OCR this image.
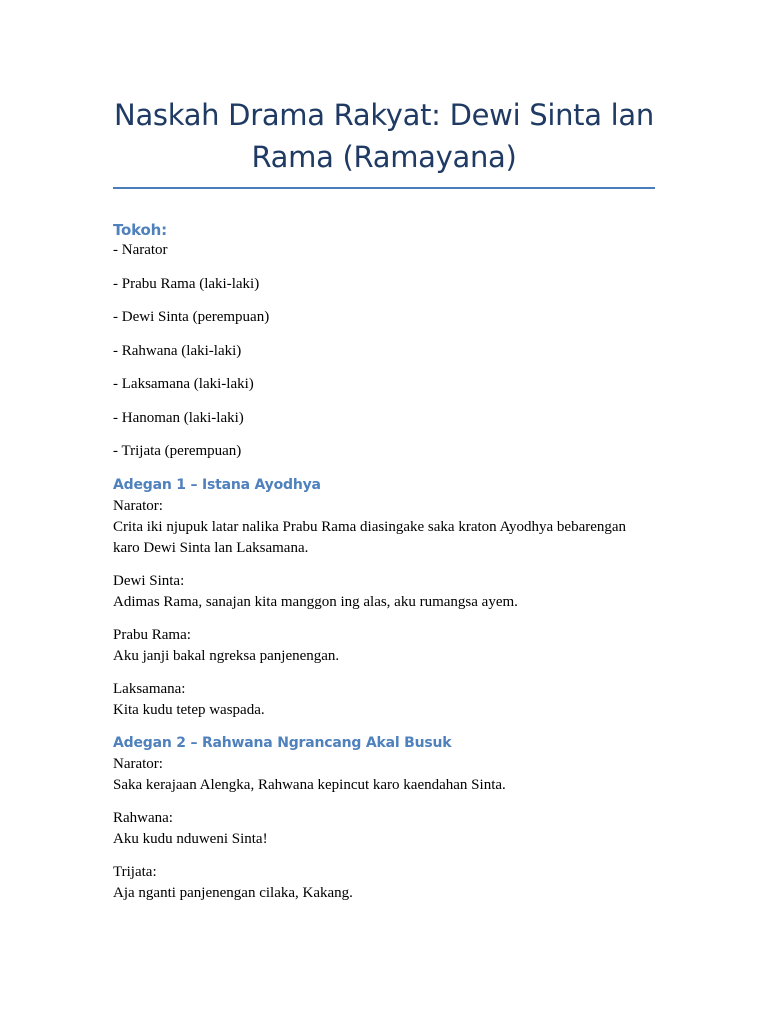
Naskah Drama Rakyat: Dewi Sinta lan Rama (Ramayana)
Tokoh:
- Narator
- Prabu Rama (laki-laki)
- Dewi Sinta (perempuan)
- Rahwana (laki-laki)
- Laksamana (laki-laki)
- Hanoman (laki-laki)
- Trijata (perempuan)
Adegan 1 – Istana Ayodhya

Narator:

Crita iki njupuk latar nalika Prabu Rama diasingake saka kraton Ayodhya bebarengan karo Dewi Sinta lan Laksamana.

Dewi Sinta:

Adimas Rama, sanajan kita manggon ing alas, aku rumangsa ayem.

Prabu Rama:

Aku janji bakal ngreksa panjenengan.

Laksamana:

Kita kudu tetep waspada.

Adegan 2 – Rahwana Ngrancang Akal Busuk

Narator:

Saka kerajaan Alengka, Rahwana kepincut karo kaendahan Sinta.

Rahwana:

Aku kudu nduweni Sinta!

Trijata:

Aja nganti panjenengan cilaka, Kakang.
